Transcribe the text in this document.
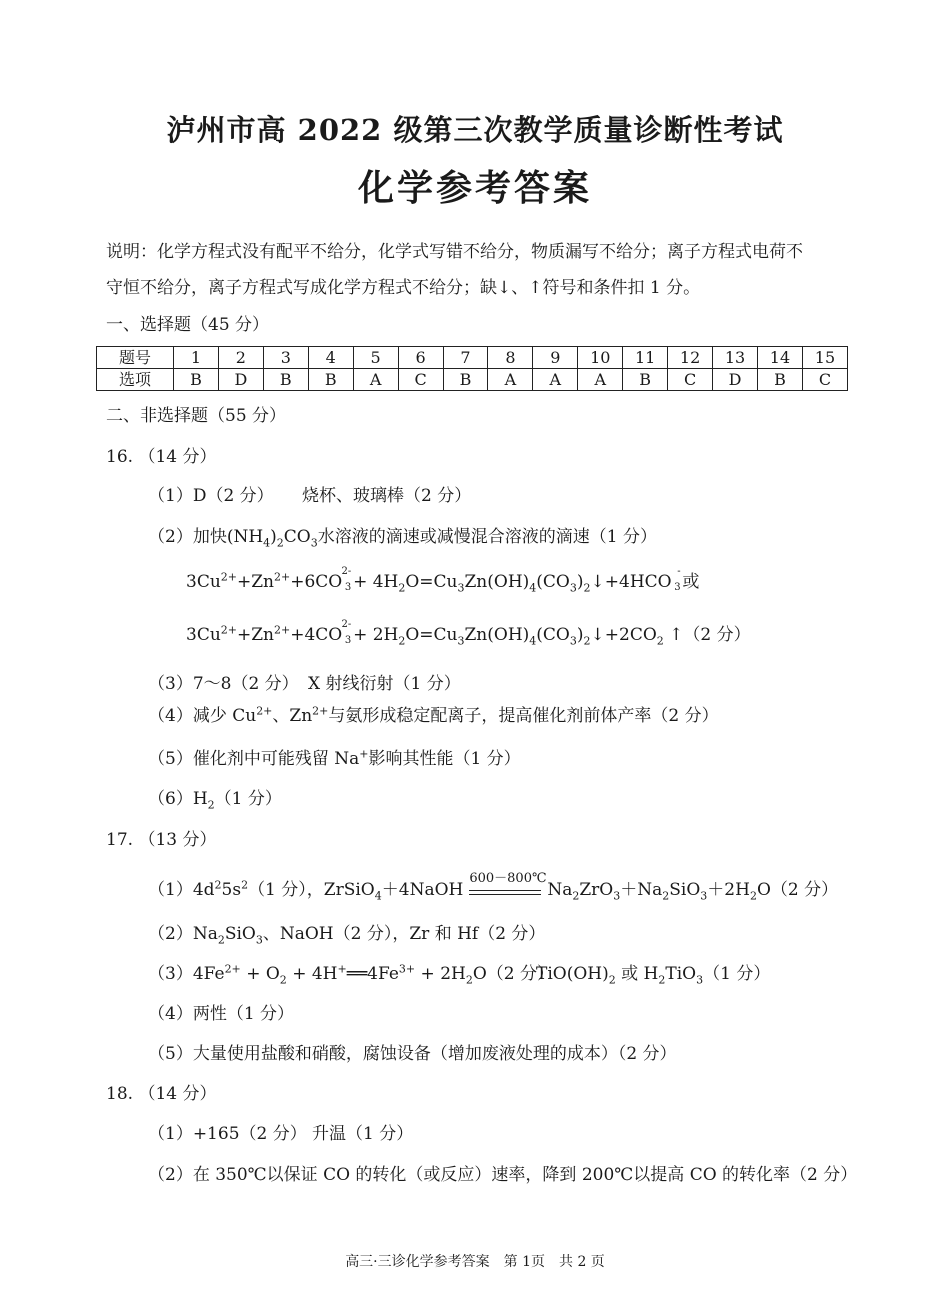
泸州市高 2022 级第三次教学质量诊断性考试
化学参考答案
说明：化学方程式没有配平不给分，化学式写错不给分，物质漏写不给分；离子方程式电荷不
守恒不给分，离子方程式写成化学方程式不给分；缺↓、↑符号和条件扣 1 分。
一、选择题（45 分）
题号	1	2	3	4	5	6	7	8	9	10	11	12	13	14	15
选项	B	D	B	B	A	C	B	A	A	A	B	C	D	B	C
二、非选择题（55 分）
16. （14 分）
（1）D（2 分） 烧杯、玻璃棒（2 分）
（2）加快$(NH_4)_2CO_3$水溶液的滴速或减慢混合溶液的滴速（1 分）
$3Cu^{2+}+Zn^{2+}+6CO$
2-
$3 + 4H_2O=Cu_3Zn(OH)_4(CO_3)_2↓+4HCO$
-
3 或
$3Cu^{2+}+Zn^{2+}+4CO$
2-
$3 + 2H_2O=Cu_3Zn(OH)_4(CO_3)_2↓+2CO_2$ ↑（2 分）
（3）7～8（2 分） X 射线衍射（1 分）
（4）减少 $Cu^{2+}$、$Zn^{2+}$与氨形成稳定配离子，提高催化剂前体产率（2 分）
（5）催化剂中可能残留 Na+影响其性能（1 分）
$(6)H_2(1$ 分）
17. （13 分）
$(1)4d^25s^2(1$ 分），ZrSiO$_4$＋4NaOH
600－800℃
$Na_2ZrO_3+Na_2SiO_3+2H_2O(2$ 分）
$(2)Na_2SiO_3$、NaOH（2 分），Zr 和 Hf（2 分）
$(3)4Fe^{2+} + O_2$ + $4H^+══4Fe^{3+} + 2H_2O(2$ 分）
$TiO(OH)_2$ 或 $H_2TiO_3(1$ 分）
（4）两性（1 分）
（5）大量使用盐酸和硝酸，腐蚀设备（增加废液处理的成本）（2 分）
18. （14 分）
（1）+165（2 分） 升温（1 分）
（2）在 350℃以保证 CO 的转化（或反应）速率，降到 200℃以提高 CO 的转化率（2 分）
高三·三诊化学参考答案　第 1页　共 2 页
